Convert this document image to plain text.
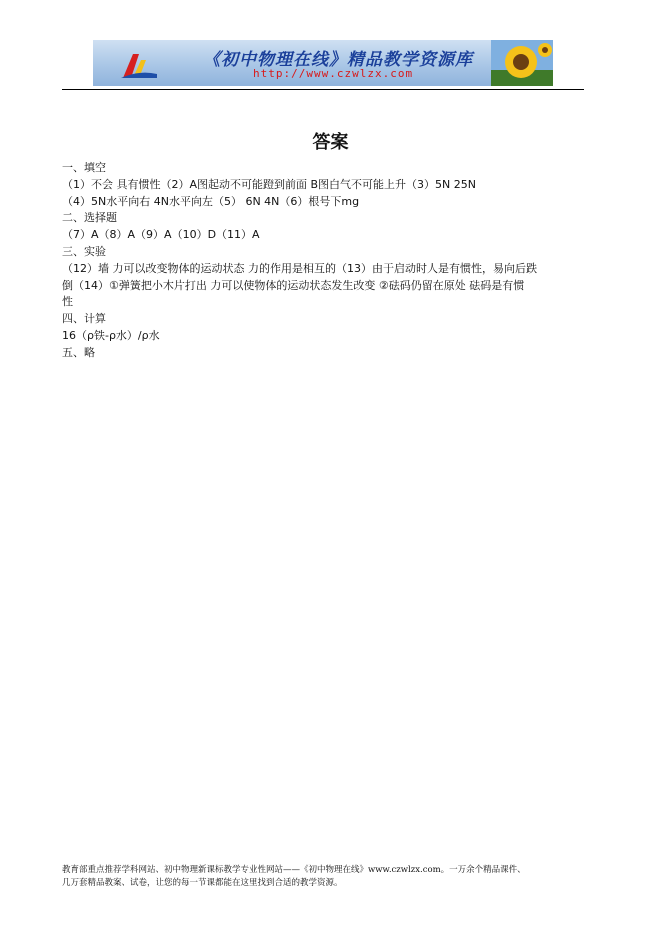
《初中物理在线》精品教学资源库
http://www.czwlzx.com
答案
一、填空
（1）不会 具有惯性（2）A图起动不可能蹬到前面 B图白气不可能上升（3）5N 25N
（4）5N水平向右 4N水平向左（5） 6N 4N（6）根号下mg
二、选择题
（7）A（8）A（9）A（10）D（11）A
三、实验
（12）墙 力可以改变物体的运动状态 力的作用是相互的（13）由于启动时人是有惯性，易向后跌
倒（14）①弹簧把小木片打出 力可以使物体的运动状态发生改变 ②砝码仍留在原处 砝码是有惯
性
四、计算
16（ρ铁-ρ水）/ρ水
五、略
教育部重点推荐学科网站、初中物理新课标教学专业性网站——《初中物理在线》www.czwlzx.com。一万余个精品课件、
几万套精品教案、试卷，让您的每一节课都能在这里找到合适的教学资源。
